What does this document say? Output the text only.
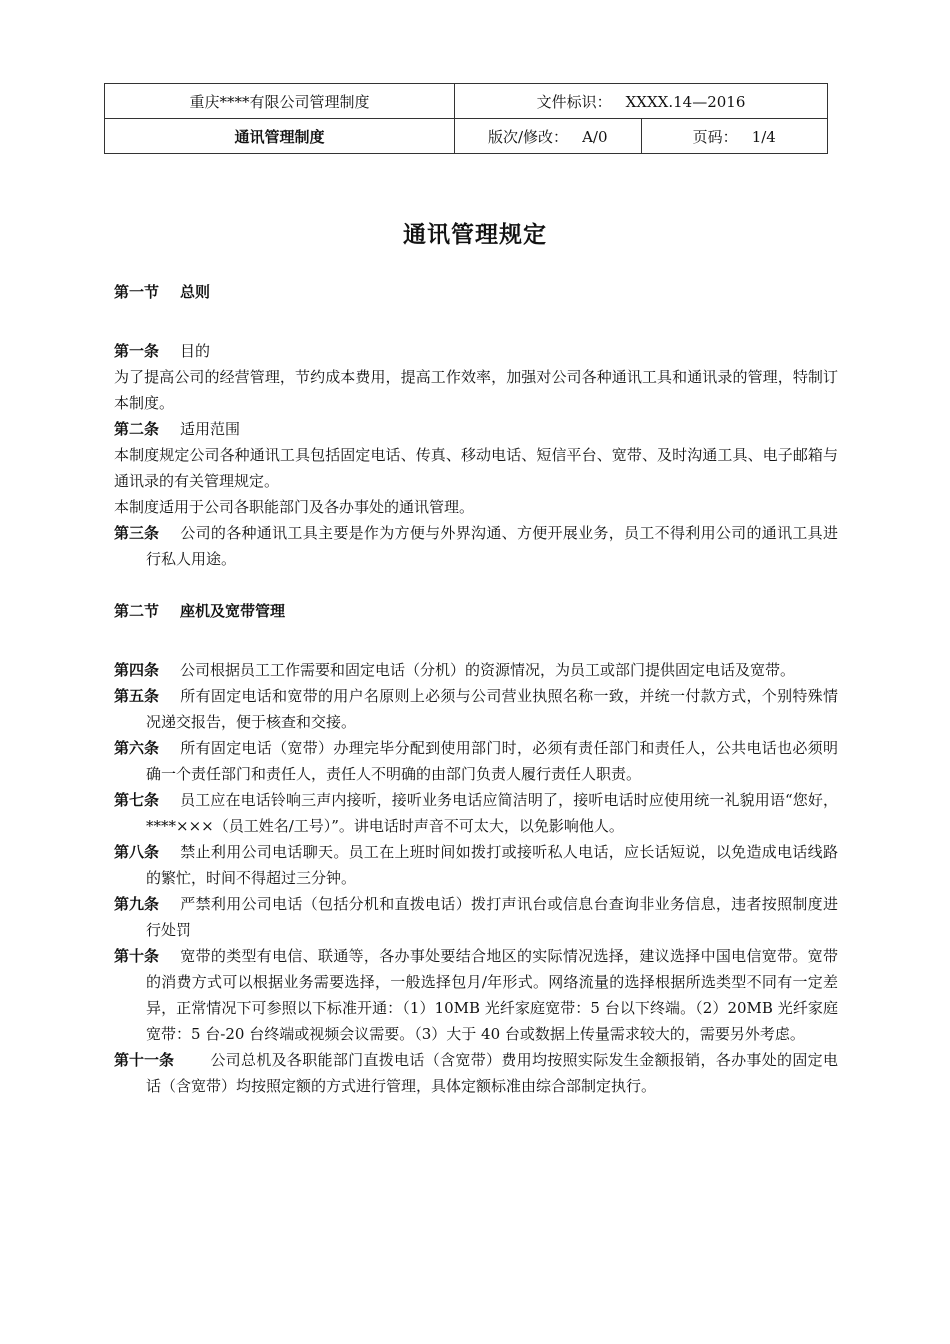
重庆****有限公司管理制度	文件标识： XXXX.14—2016	
通讯管理制度	版次/修改： A/0	页码： 1/4
通讯管理规定
第一节 总则

第一条 目的

为了提高公司的经营管理，节约成本费用，提高工作效率，加强对公司各种通讯工具和通讯录的管理，特制订本制度。

第二条 适用范围

本制度规定公司各种通讯工具包括固定电话、传真、移动电话、短信平台、宽带、及时沟通工具、电子邮箱与通讯录的有关管理规定。

本制度适用于公司各职能部门及各办事处的通讯管理。

第三条 公司的各种通讯工具主要是作为方便与外界沟通、方便开展业务，员工不得利用公司的通讯工具进行私人用途。

第二节 座机及宽带管理

第四条 公司根据员工工作需要和固定电话（分机）的资源情况，为员工或部门提供固定电话及宽带。

第五条 所有固定电话和宽带的用户名原则上必须与公司营业执照名称一致，并统一付款方式，个别特殊情况递交报告，便于核查和交接。

第六条 所有固定电话（宽带）办理完毕分配到使用部门时，必须有责任部门和责任人，公共电话也必须明确一个责任部门和责任人，责任人不明确的由部门负责人履行责任人职责。

第七条 员工应在电话铃响三声内接听，接听业务电话应简洁明了，接听电话时应使用统一礼貌用语“您好，****×××（员工姓名/工号）”。讲电话时声音不可太大，以免影响他人。

第八条 禁止利用公司电话聊天。员工在上班时间如拨打或接听私人电话，应长话短说，以免造成电话线路的繁忙，时间不得超过三分钟。

第九条 严禁利用公司电话（包括分机和直拨电话）拨打声讯台或信息台查询非业务信息，违者按照制度进行处罚

第十条 宽带的类型有电信、联通等，各办事处要结合地区的实际情况选择，建议选择中国电信宽带。宽带的消费方式可以根据业务需要选择，一般选择包月/年形式。网络流量的选择根据所选类型不同有一定差异，正常情况下可参照以下标准开通：（1）10MB 光纤家庭宽带：5 台以下终端。（2）20MB 光纤家庭宽带：5 台-20 台终端或视频会议需要。（3）大于 40 台或数据上传量需求较大的，需要另外考虑。

第十一条 公司总机及各职能部门直拨电话（含宽带）费用均按照实际发生金额报销，各办事处的固定电话（含宽带）均按照定额的方式进行管理，具体定额标准由综合部制定执行。
